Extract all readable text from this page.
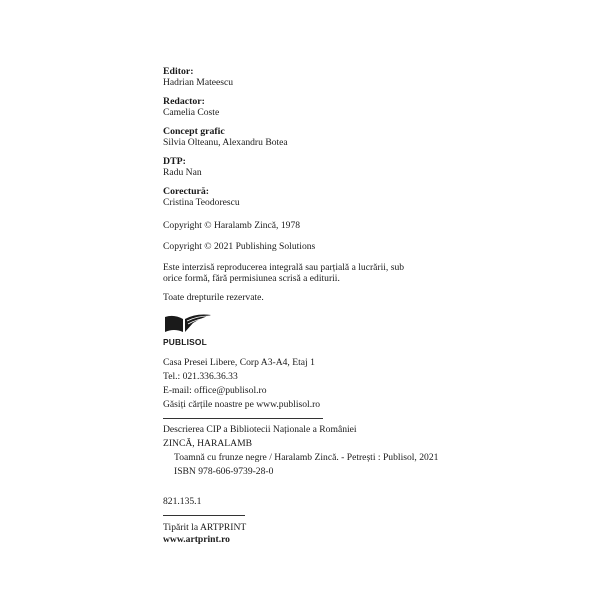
Editor:
Hadrian Mateescu
Redactor:
Camelia Coste
Concept grafic
Silvia Olteanu, Alexandru Botea
DTP:
Radu Nan
Corectură:
Cristina Teodorescu
Copyright © Haralamb Zincă, 1978
Copyright © 2021 Publishing Solutions
Este interzisă reproducerea integrală sau parțială a lucrării, sub orice formă, fără permisiunea scrisă a editurii.
Toate drepturile rezervate.
PUBLISOL
Casa Presei Libere, Corp A3-A4, Etaj 1
Tel.: 021.336.36.33
E-mail: office@publisol.ro
Găsiți cărțile noastre pe www.publisol.ro
Descrierea CIP a Bibliotecii Naționale a României
ZINCĂ, HARALAMB
Toamnă cu frunze negre / Haralamb Zincă. - Petrești : Publisol, 2021
ISBN 978-606-9739-28-0
821.135.1
Tipărit la ARTPRINT
www.artprint.ro
